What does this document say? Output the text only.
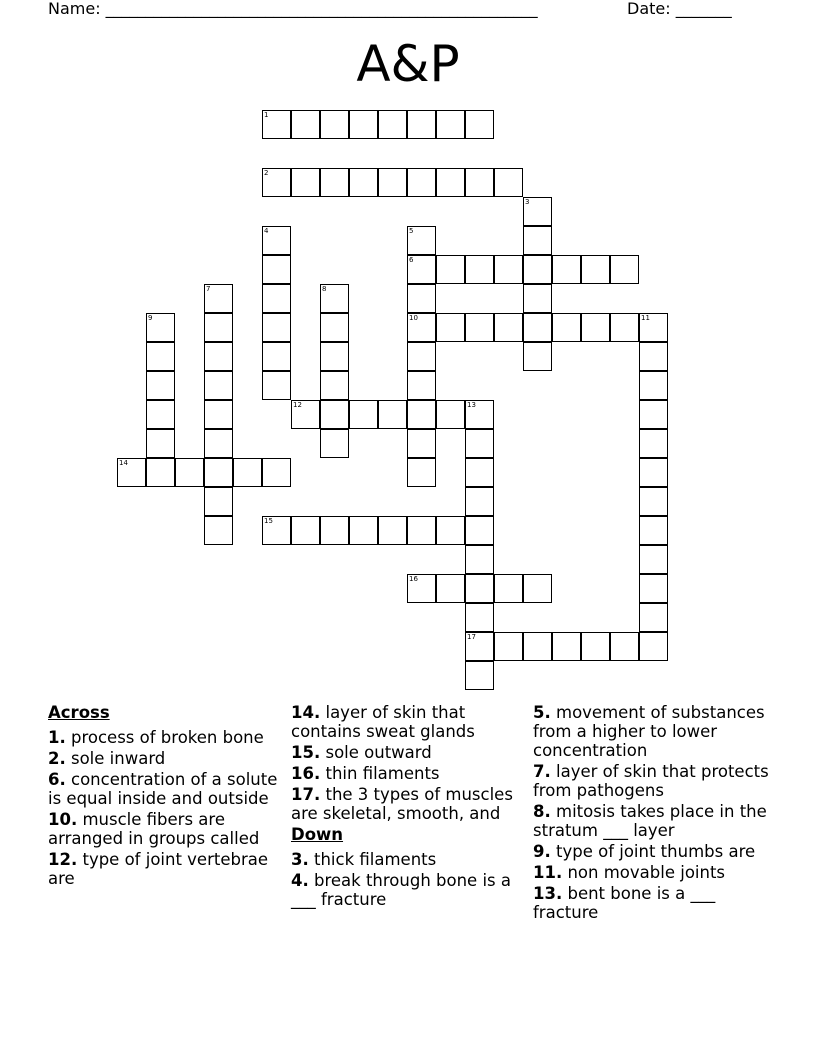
Name: ______________________________________________________	Date: _______
A&P
1
2
3
4	5
6
7	8
9	10	11
12	13
14
15
16
17
Across
1. process of broken bone
2. sole inward
6. concentration of a solute is equal inside and outside
10. muscle fibers are arranged in groups called
12. type of joint vertebrae are
14. layer of skin that contains sweat glands
15. sole outward
16. thin filaments
17. the 3 types of muscles are skeletal, smooth, and
Down
3. thick filaments
4. break through bone is a ___ fracture
5. movement of substances from a higher to lower concentration
7. layer of skin that protects from pathogens
8. mitosis takes place in the stratum ___ layer
9. type of joint thumbs are
11. non movable joints
13. bent bone is a ___ fracture
